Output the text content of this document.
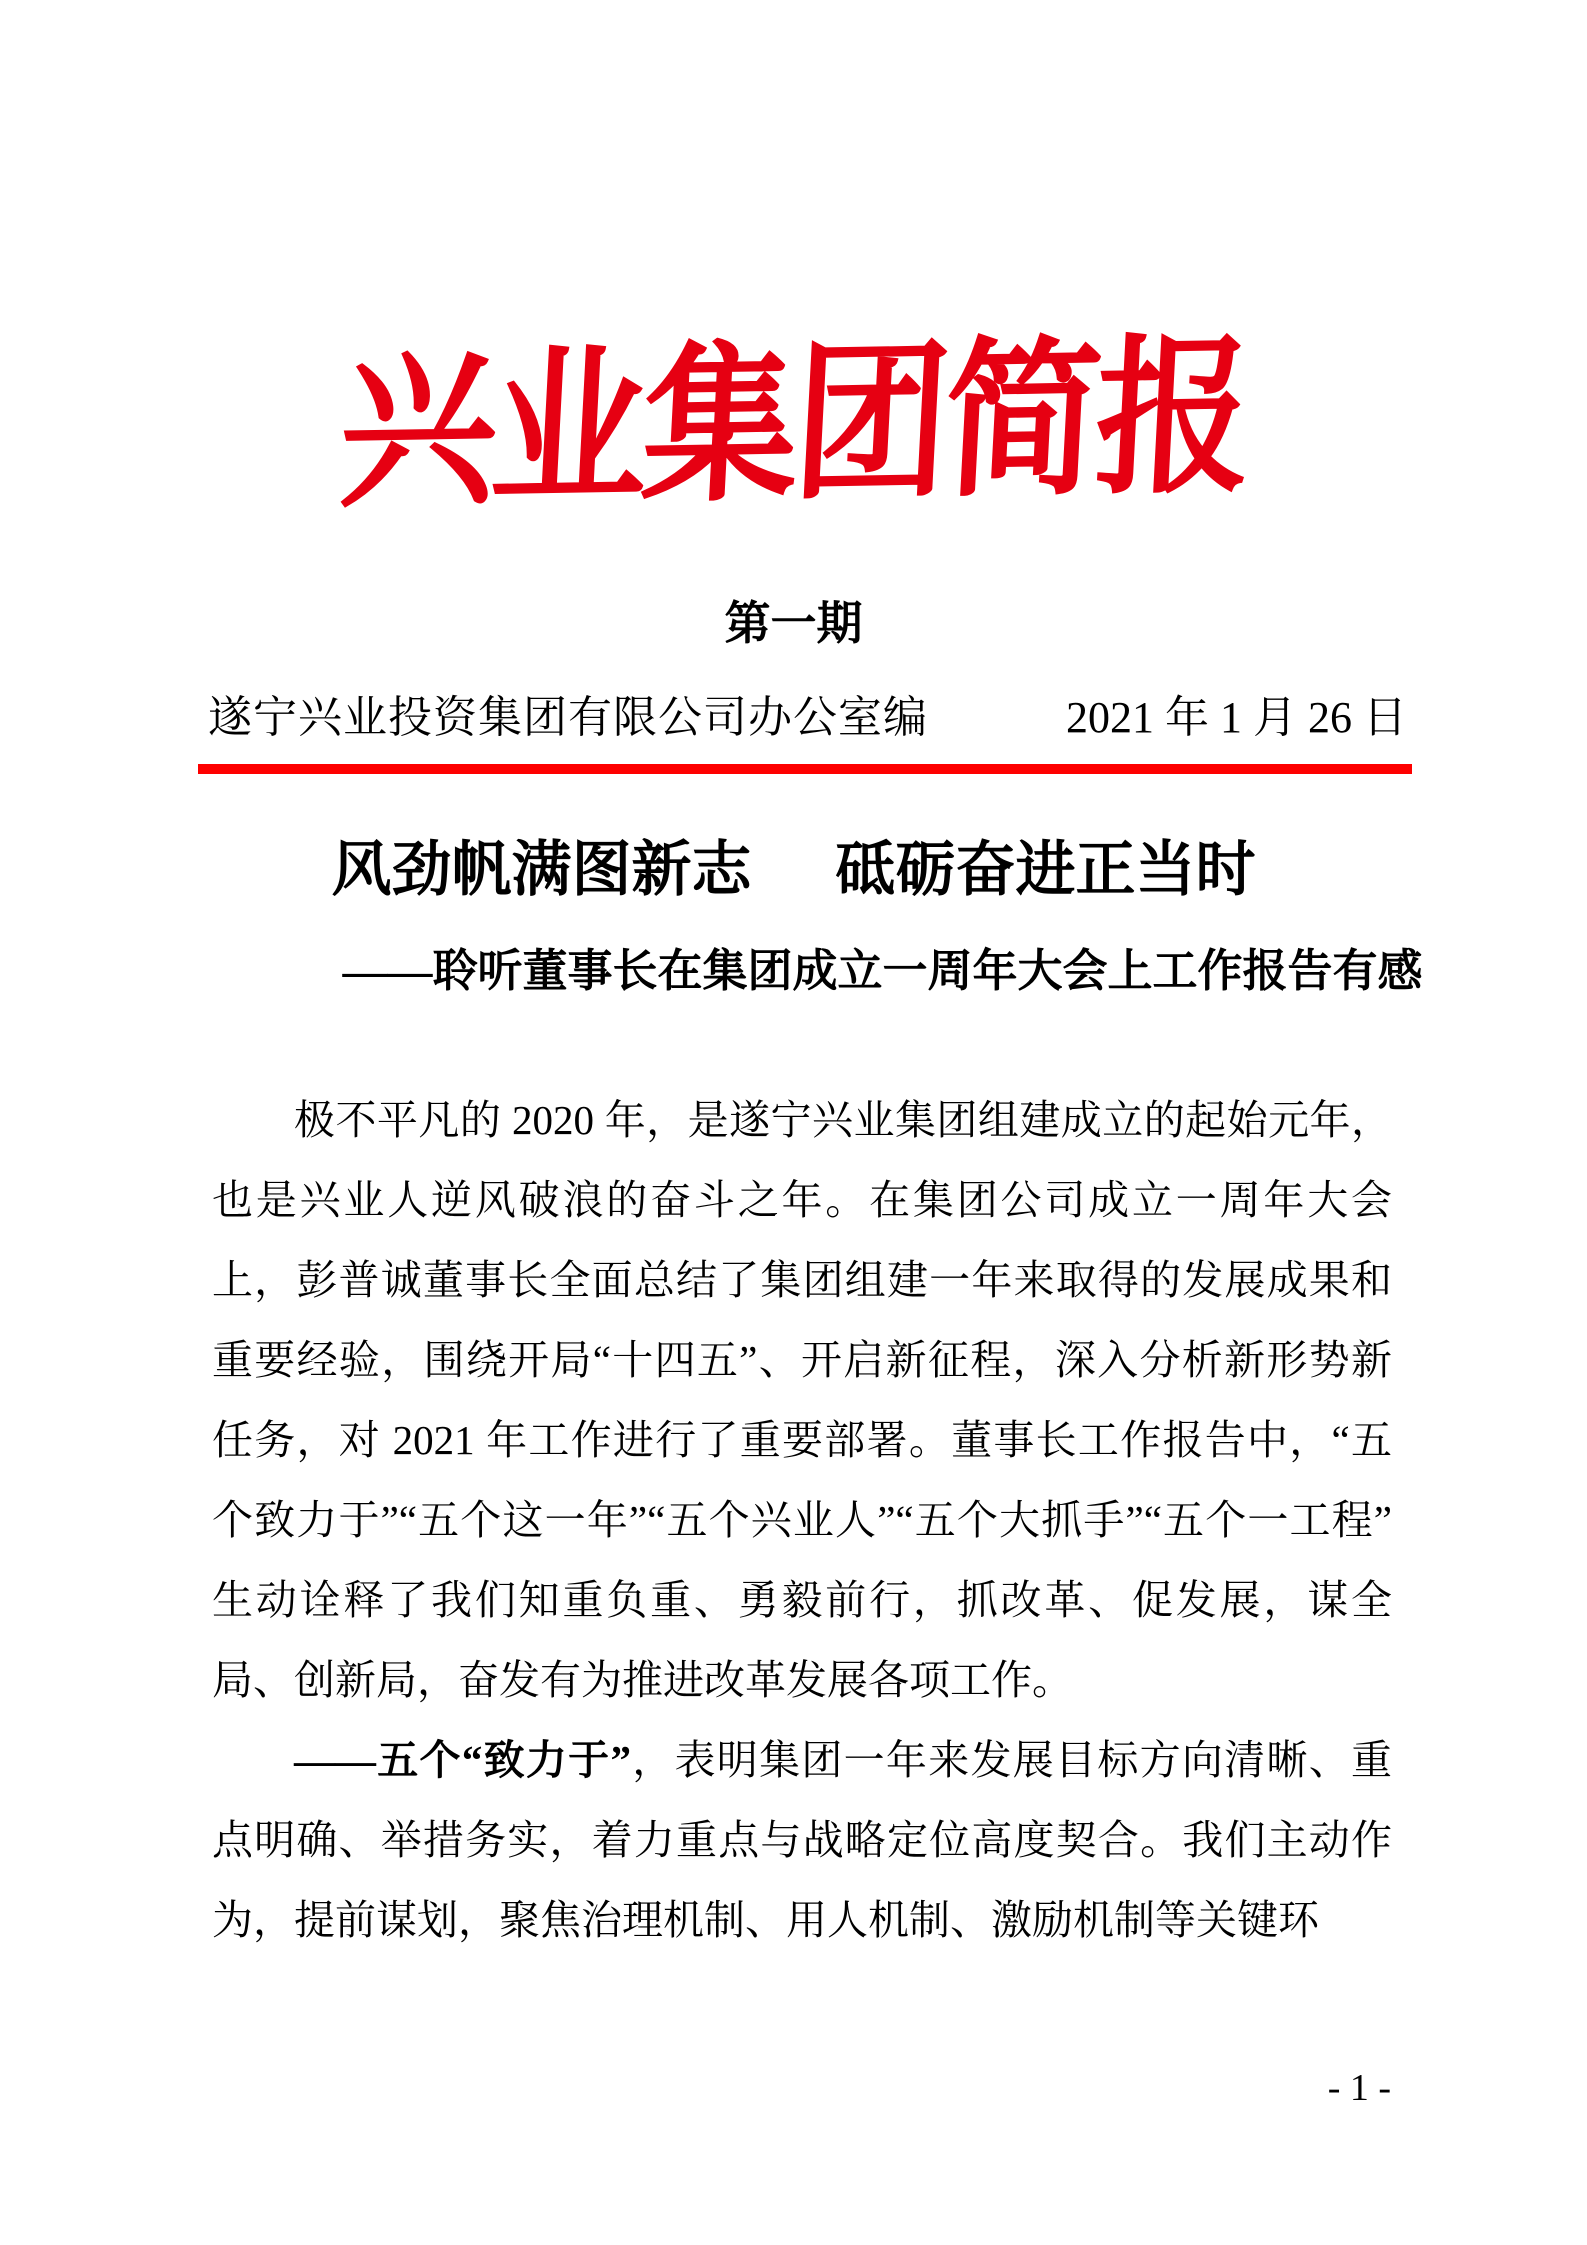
兴业集团简报
第一期
遂宁兴业投资集团有限公司办公室编	2021 年 1 月 26 日
风劲帆满图新志 砥砺奋进正当时
——聆听董事长在集团成立一周年大会上工作报告有感

极不平凡的 2020 年，是遂宁兴业集团组建成立的起始元年，也是兴业人逆风破浪的奋斗之年。在集团公司成立一周年大会上，彭普诚董事长全面总结了集团组建一年来取得的发展成果和重要经验，围绕开局“十四五”、开启新征程，深入分析新形势新任务，对 2021 年工作进行了重要部署。董事长工作报告中，“五个致力于”“五个这一年”“五个兴业人”“五个大抓手”“五个一工程”生动诠释了我们知重负重、勇毅前行，抓改革、促发展，谋全局、创新局，奋发有为推进改革发展各项工作。

——五个“致力于”，表明集团一年来发展目标方向清晰、重点明确、举措务实，着力重点与战略定位高度契合。我们主动作为，提前谋划，聚焦治理机制、用人机制、激励机制等关键环

- 1 -
